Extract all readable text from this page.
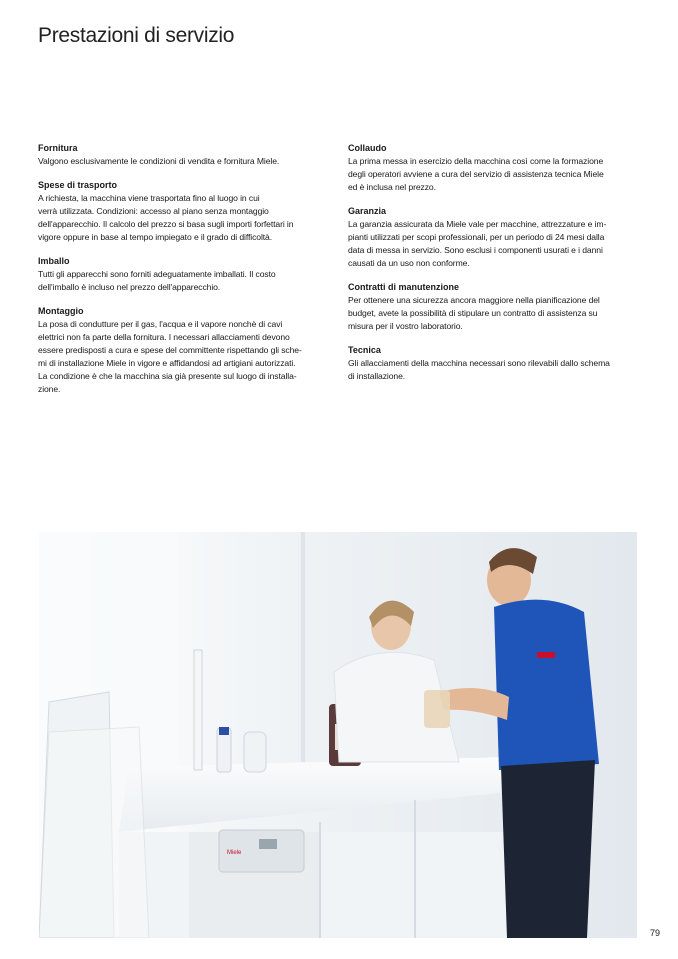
Prestazioni di servizio
Fornitura

Valgono esclusivamente le condizioni di vendita e fornitura Miele.

Spese di trasporto

A richiesta, la macchina viene trasportata fino al luogo in cui
verrà utilizzata. Condizioni: accesso al piano senza montaggio
dell'apparecchio. Il calcolo del prezzo si basa sugli importi forfettari in
vigore oppure in base al tempo impiegato e il grado di difficoltà.

Imballo

Tutti gli apparecchi sono forniti adeguatamente imballati. Il costo
dell'imballo è incluso nel prezzo dell'apparecchio.

Montaggio

La posa di condutture per il gas, l'acqua e il vapore nonchè di cavi
elettrici non fa parte della fornitura. I necessari allacciamenti devono
essere predisposti a cura e spese del committente rispettando gli sche-
mi di installazione Miele in vigore e affidandosi ad artigiani autorizzati.
La condizione è che la macchina sia già presente sul luogo di installa-
zione.

Collaudo

La prima messa in esercizio della macchina così come la formazione
degli operatori avviene a cura del servizio di assistenza tecnica Miele
ed è inclusa nel prezzo.

Garanzia

La garanzia assicurata da Miele vale per macchine, attrezzature e im-
pianti utilizzati per scopi professionali, per un periodo di 24 mesi dalla
data di messa in servizio. Sono esclusi i componenti usurati e i danni
causati da un uso non conforme.

Contratti di manutenzione

Per ottenere una sicurezza ancora maggiore nella pianificazione del
budget, avete la possibilità di stipulare un contratto di assistenza su
misura per il vostro laboratorio.

Tecnica

Gli allacciamenti della macchina necessari sono rilevabili dallo schema
di installazione.

Miele
79
